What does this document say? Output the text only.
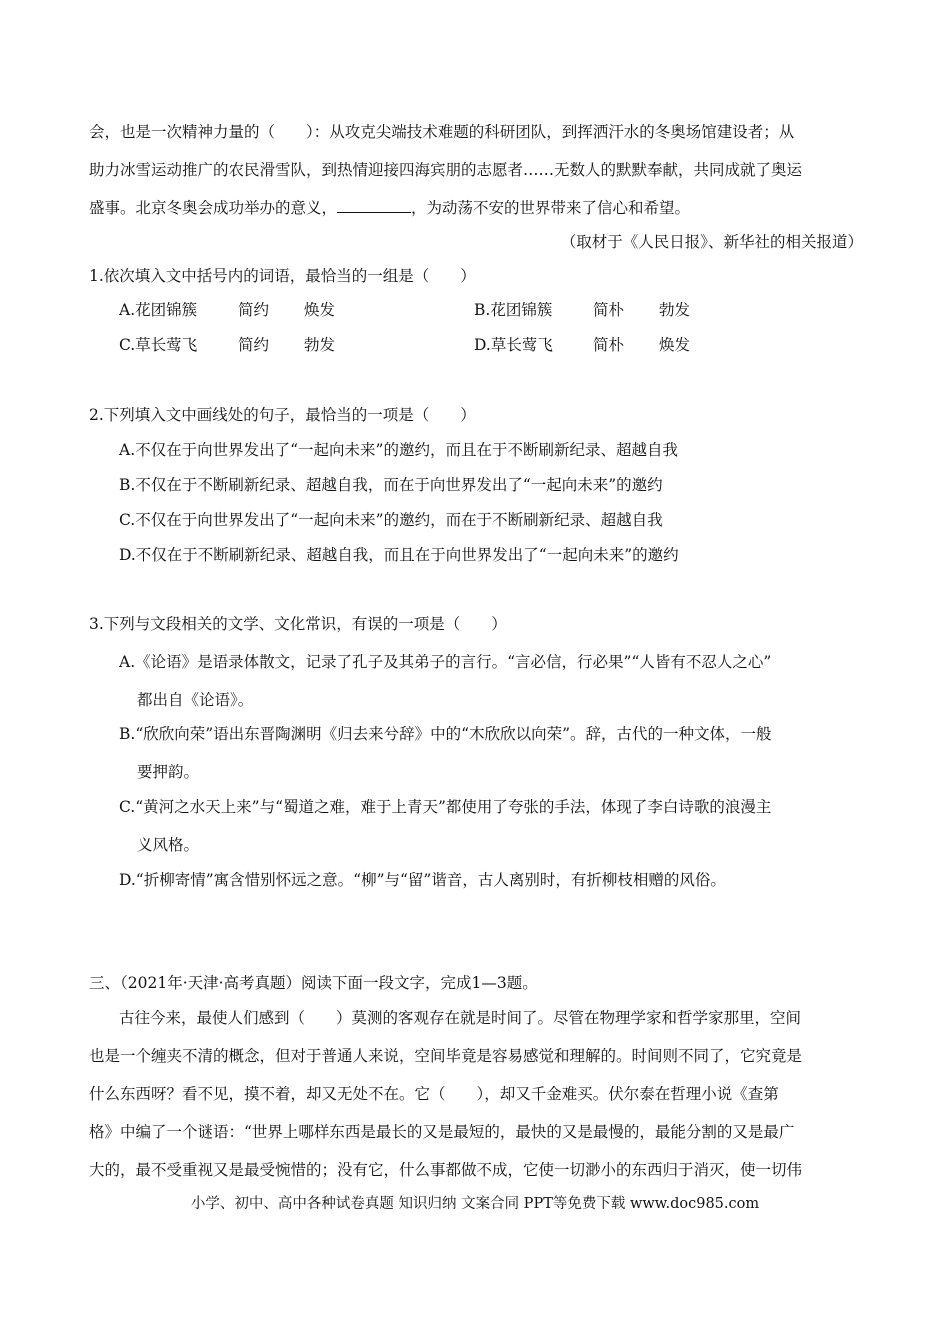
会，也是一次精神力量的（　　）：从攻克尖端技术难题的科研团队，到挥洒汗水的冬奥场馆建设者；从
助力冰雪运动推广的农民滑雪队，到热情迎接四海宾朋的志愿者……无数人的默默奉献，共同成就了奥运
盛事。北京冬奥会成功举办的意义，	，为动荡不安的世界带来了信心和希望。
（取材于《人民日报》、新华社的相关报道）
1.依次填入文中括号内的词语，最恰当的一组是（　　）
A.花团锦簇	简约 焕发	B.花团锦簇	简朴 勃发
C.草长莺飞	简约 勃发	D.草长莺飞	简朴 焕发
2.下列填入文中画线处的句子，最恰当的一项是（　　）
A.不仅在于向世界发出了“一起向未来”的邀约，而且在于不断刷新纪录、超越自我
B.不仅在于不断刷新纪录、超越自我，而在于向世界发出了“一起向未来”的邀约
C.不仅在于向世界发出了“一起向未来”的邀约，而在于不断刷新纪录、超越自我
D.不仅在于不断刷新纪录、超越自我，而且在于向世界发出了“一起向未来”的邀约
3.下列与文段相关的文学、文化常识，有误的一项是（　　）
A.《论语》是语录体散文，记录了孔子及其弟子的言行。“言必信，行必果”“人皆有不忍人之心”
都出自《论语》。
B.“欣欣向荣”语出东晋陶渊明《归去来兮辞》中的“木欣欣以向荣”。辞，古代的一种文体，一般
要押韵。
C.“黄河之水天上来”与“蜀道之难，难于上青天”都使用了夸张的手法，体现了李白诗歌的浪漫主
义风格。
D.“折柳寄情”寓含惜别怀远之意。“柳”与“留”谐音，古人离别时，有折柳枝相赠的风俗。
三、（2021年·天津·高考真题）阅读下面一段文字，完成1—3题。
古往今来，最使人们感到（　　）莫测的客观存在就是时间了。尽管在物理学家和哲学家那里，空间
也是一个缠夹不清的概念，但对于普通人来说，空间毕竟是容易感觉和理解的。时间则不同了，它究竟是
什么东西呀？看不见，摸不着，却又无处不在。它（　　），却又千金难买。伏尔泰在哲理小说《查第
格》中编了一个谜语：“世界上哪样东西是最长的又是最短的，最快的又是最慢的，最能分割的又是最广
大的，最不受重视又是最受惋惜的；没有它，什么事都做不成，它使一切渺小的东西归于消灭，使一切伟
小学、初中、高中各种试卷真题 知识归纳 文案合同 PPT等免费下载 www.doc985.com
